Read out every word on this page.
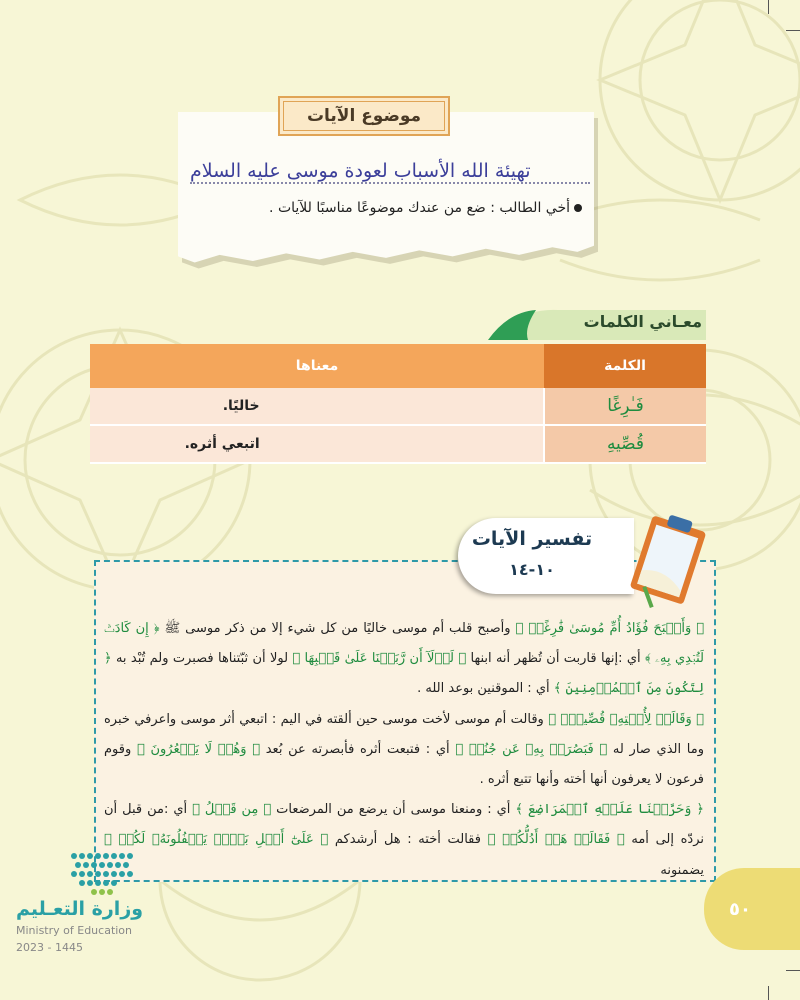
موضوع الآيات
تهيئة الله الأسباب لعودة موسى عليه السلام
أخي الطالب : ضع من عندك موضوعًا مناسبًا للآيات .
معـاني الكلمات
الكلمة	معناها
فَـٰرِغًا	خاليًا.
قُصِّيهِ	اتبعي أثره.
تفسير الآيات
١٠-١٤
﴿ وَأَصۡبَحَ فُؤَادُ أُمِّ مُوسَىٰ فَٰرِغًاۖ ﴾ وأصبح قلب أم موسى خاليًا من كل شيء إلا من ذكر موسى ﷺ ﴿ إِن كَادَتۡ لَتُبۡدِي بِهِۦ ﴾ أي :إنها قاربت أن تُظهر أنه ابنها ﴿ لَوۡلَآ أَن رَّبَطۡنَا عَلَىٰ قَلۡبِهَا ﴾ لولا أن ثبّتناها فصبرت ولم تُبْد به ﴿ لِتَكُونَ مِنَ ٱلۡمُؤۡمِنِينَ ﴾ أي : الموقنين بوعد الله .
﴿ وَقَالَتۡ لِأُخۡتِهِۦ قُصِّيهِۖ ﴾ وقالت أم موسى لأخت موسى حين ألقته في اليم : اتبعي أثر موسى واعرفي خبره وما الذي صار له ﴿ فَبَصُرَتۡ بِهِۦ عَن جُنُبٖ ﴾ أي : فتبعت أثره فأبصرته عن بُعد ﴿ وَهُمۡ لَا يَشۡعُرُونَ ﴾ وقوم فرعون لا يعرفون أنها أخته وأنها تتبع أثره .
﴿ وَحَرَّمۡنَا عَلَيۡهِ ٱلۡمَرَاضِعَ ﴾ أي : ومنعنا موسى أن يرضع من المرضعات ﴿ مِن قَبۡلُ ﴾ أي :من قبل أن نردّه إلى أمه ﴿ فَقَالَتۡ هَلۡ أَدُلُّكُمۡ ﴾ فقالت أخته : هل أرشدكم ﴿ عَلَىٰٓ أَهۡلِ بَيۡتٖ يَكۡفُلُونَهُۥ لَكُمۡ ﴾ يضمنونه
٥٠
وزارة التعـليم
Ministry of Education
2023 - 1445
